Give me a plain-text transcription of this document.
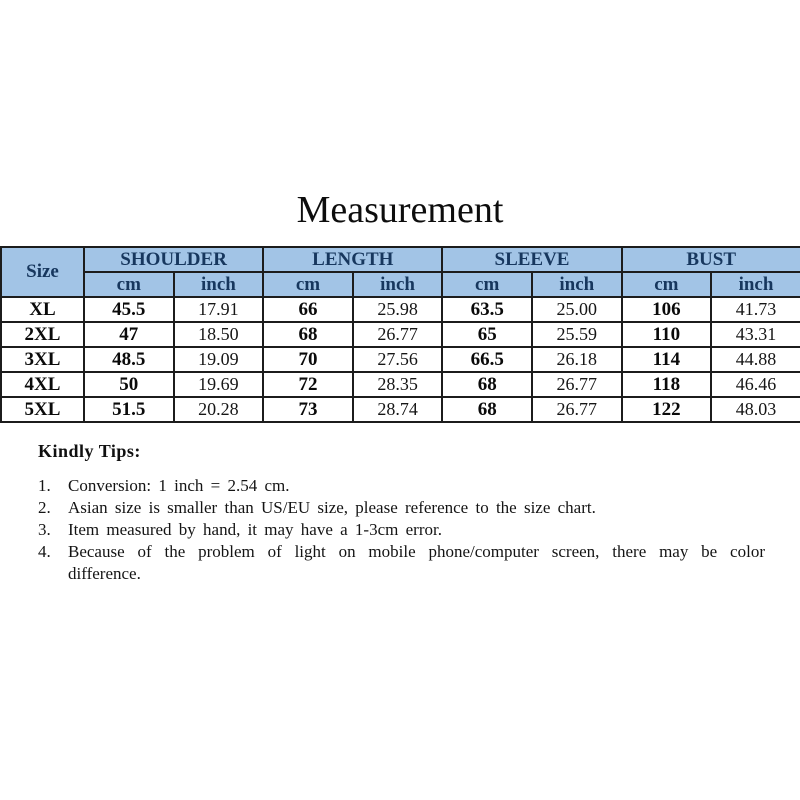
Measurement
Size	SHOULDER		LENGTH		SLEEVE		BUST	
	cm	inch	cm	inch	cm	inch	cm	inch
XL	45.5	17.91	66	25.98	63.5	25.00	106	41.73
2XL	47	18.50	68	26.77	65	25.59	110	43.31
3XL	48.5	19.09	70	27.56	66.5	26.18	114	44.88
4XL	50	19.69	72	28.35	68	26.77	118	46.46
5XL	51.5	20.28	73	28.74	68	26.77	122	48.03

Kindly Tips:

1.	Conversion: 1 inch = 2.54 cm.
2.	Asian size is smaller than US/EU size, please reference to the size chart.
3.	Item measured by hand, it may have a 1-3cm error.
4.	Because of the problem of light on mobile phone/computer screen, there may be color difference.
